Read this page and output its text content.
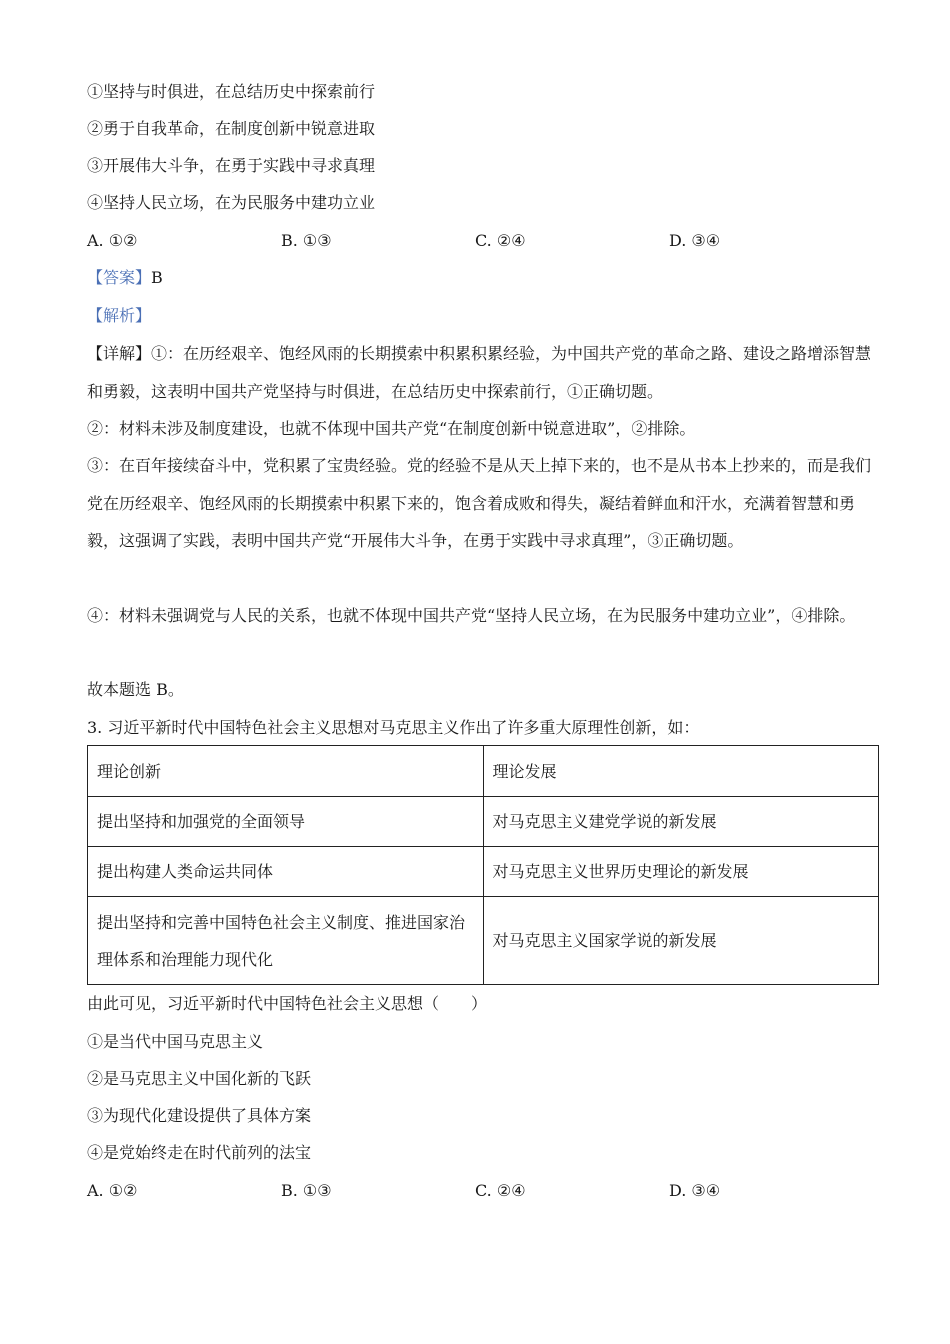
①坚持与时俱进，在总结历史中探索前行
②勇于自我革命，在制度创新中锐意进取
③开展伟大斗争，在勇于实践中寻求真理
④坚持人民立场，在为民服务中建功立业
A. ①②	B. ①③	C. ②④	D. ③④
【答案】B
【解析】
【详解】①：在历经艰辛、饱经风雨的长期摸索中积累积累经验，为中国共产党的革命之路、建设之路增添智慧和勇毅，这表明中国共产党坚持与时俱进，在总结历史中探索前行，①正确切题。
②：材料未涉及制度建设，也就不体现中国共产党“在制度创新中锐意进取”，②排除。
③：在百年接续奋斗中，党积累了宝贵经验。党的经验不是从天上掉下来的，也不是从书本上抄来的，而是我们党在历经艰辛、饱经风雨的长期摸索中积累下来的，饱含着成败和得失，凝结着鲜血和汗水，充满着智慧和勇毅，这强调了实践，表明中国共产党“开展伟大斗争，在勇于实践中寻求真理”，③正确切题。
④：材料未强调党与人民的关系，也就不体现中国共产党“坚持人民立场，在为民服务中建功立业”，④排除。
故本题选 B。
3. 习近平新时代中国特色社会主义思想对马克思主义作出了许多重大原理性创新，如：
理论创新	理论发展
提出坚持和加强党的全面领导	对马克思主义建党学说的新发展
提出构建人类命运共同体	对马克思主义世界历史理论的新发展
提出坚持和完善中国特色社会主义制度、推进国家治理体系和治理能力现代化	对马克思主义国家学说的新发展
由此可见，习近平新时代中国特色社会主义思想（　　）
①是当代中国马克思主义
②是马克思主义中国化新的飞跃
③为现代化建设提供了具体方案
④是党始终走在时代前列的法宝
A. ①②	B. ①③	C. ②④	D. ③④
